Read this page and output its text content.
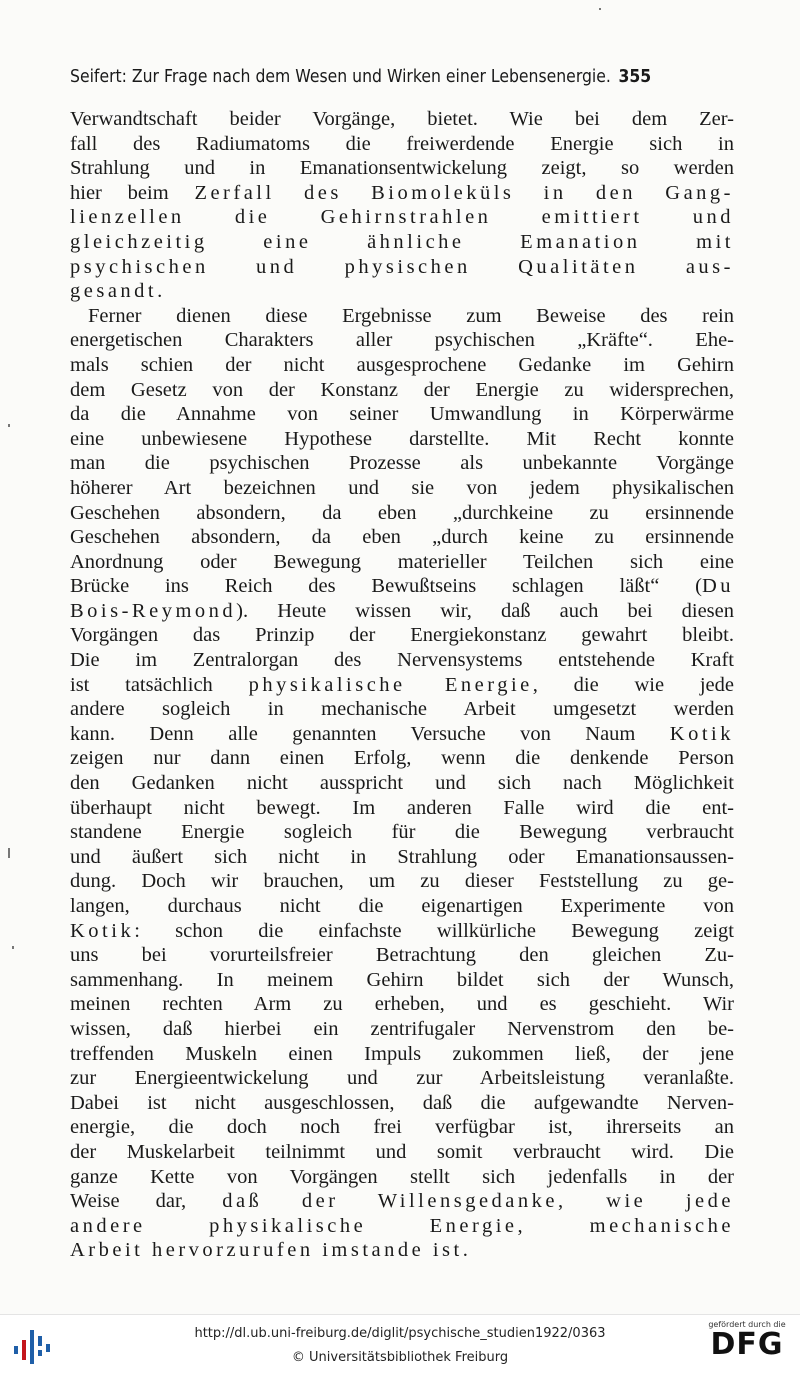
Seifert: Zur Frage nach dem Wesen und Wirken einer Lebensenergie. 355
Verwandtschaft beider Vorgänge, bietet. Wie bei dem Zer-
fall des Radiumatoms die freiwerdende Energie sich in
Strahlung und in Emanationsentwickelung zeigt, so werden
hier beim Zerfall des Biomoleküls in den Gang-
lienzellen die Gehirnstrahlen emittiert und
gleichzeitig eine ähnliche Emanation mit
psychischen und physischen Qualitäten aus-
gesandt.
Ferner dienen diese Ergebnisse zum Beweise des rein
energetischen Charakters aller psychischen „Kräfte“. Ehe-
mals schien der nicht ausgesprochene Gedanke im Gehirn
dem Gesetz von der Konstanz der Energie zu widersprechen,
da die Annahme von seiner Umwandlung in Körperwärme
eine unbewiesene Hypothese darstellte. Mit Recht konnte
man die psychischen Prozesse als unbekannte Vorgänge
höherer Art bezeichnen und sie von jedem physikalischen
Geschehen absondern, da eben „durchkeine zu ersinnende
Geschehen absondern, da eben „durch keine zu ersinnende
Anordnung oder Bewegung materieller Teilchen sich eine
Brücke ins Reich des Bewußtseins schlagen läßt“ (Du
Bois-Reymond). Heute wissen wir, daß auch bei diesen
Vorgängen das Prinzip der Energiekonstanz gewahrt bleibt.
Die im Zentralorgan des Nervensystems entstehende Kraft
ist tatsächlich physikalische Energie, die wie jede
andere sogleich in mechanische Arbeit umgesetzt werden
kann. Denn alle genannten Versuche von Naum Kotik
zeigen nur dann einen Erfolg, wenn die denkende Person
den Gedanken nicht ausspricht und sich nach Möglichkeit
überhaupt nicht bewegt. Im anderen Falle wird die ent-
standene Energie sogleich für die Bewegung verbraucht
und äußert sich nicht in Strahlung oder Emanationsaussen-
dung. Doch wir brauchen, um zu dieser Feststellung zu ge-
langen, durchaus nicht die eigenartigen Experimente von
Kotik: schon die einfachste willkürliche Bewegung zeigt
uns bei vorurteilsfreier Betrachtung den gleichen Zu-
sammenhang. In meinem Gehirn bildet sich der Wunsch,
meinen rechten Arm zu erheben, und es geschieht. Wir
wissen, daß hierbei ein zentrifugaler Nervenstrom den be-
treffenden Muskeln einen Impuls zukommen ließ, der jene
zur Energieentwickelung und zur Arbeitsleistung veranlaßte.
Dabei ist nicht ausgeschlossen, daß die aufgewandte Nerven-
energie, die doch noch frei verfügbar ist, ihrerseits an
der Muskelarbeit teilnimmt und somit verbraucht wird. Die
ganze Kette von Vorgängen stellt sich jedenfalls in der
Weise dar, daß der Willensgedanke, wie jede
andere physikalische Energie, mechanische
Arbeit hervorzurufen imstande ist.
http://dl.ub.uni-freiburg.de/diglit/psychische_studien1922/0363
© Universitätsbibliothek Freiburg
gefördert durch die
DFG
